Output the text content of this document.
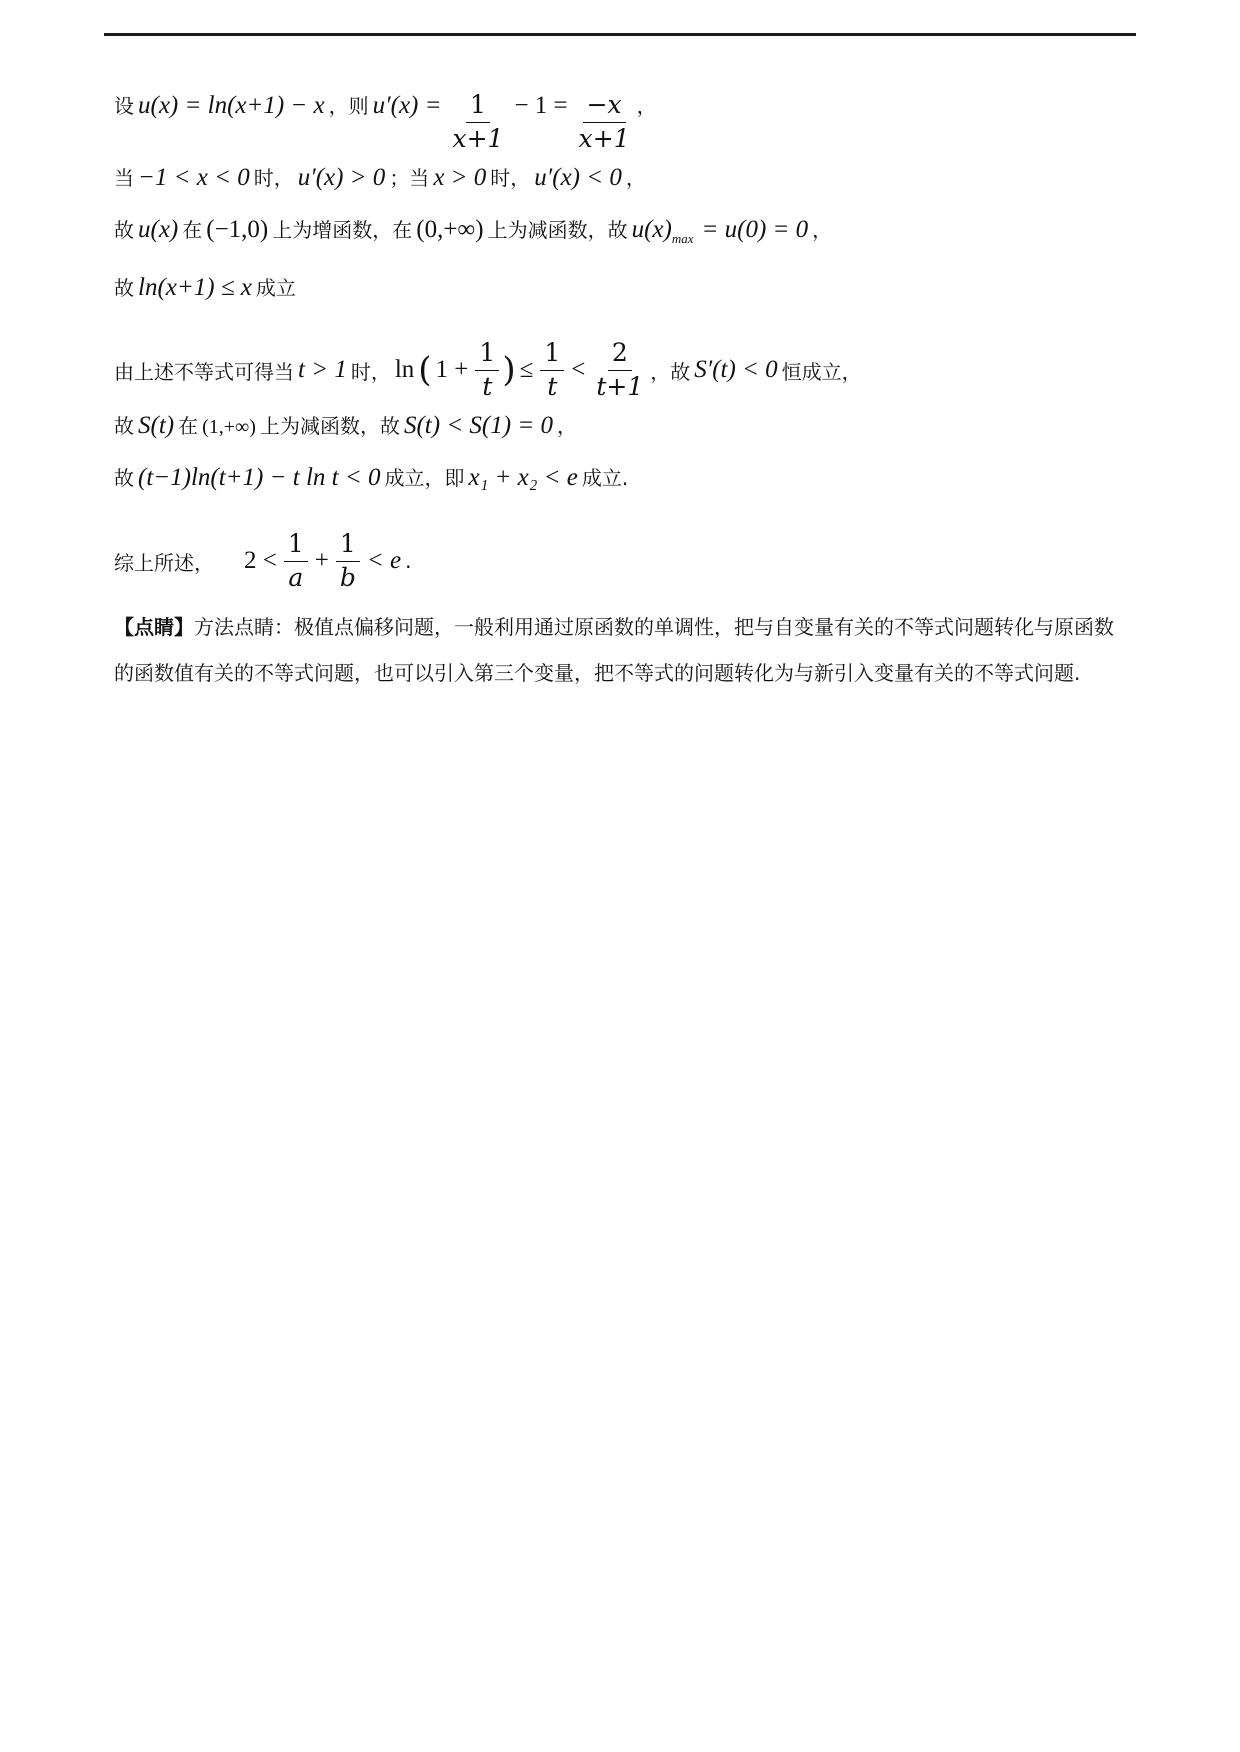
设 u(x) = ln(x+1) − x ，则 $u'(x) = \frac{1}{x+1} - 1 = \frac{-x}{x+1}$ ，
当 −1 < x < 0 时， u′(x) > 0 ；当 x > 0 时， u′(x) < 0 ，
故 u(x) 在 (−1,0) 上为增函数，在 (0,+∞) 上为减函数，故 $u(x)_{max} = u(0) = 0$ ，
故 ln(x+1) ≤ x 成立
由上述不等式可得当 t > 1 时， ln ( $1 + \frac{1}{t}$ ) ≤ $\frac{1}{t} < \frac{2}{t+1}$ ，故 S′(t) < 0 恒成立，
故 S(t) 在 (1,+∞) 上为减函数，故 S(t) < S(1) = 0 ，
故 (t−1)ln(t+1) − t ln t < 0 成立，即 x₁ + x₂ < e 成立.
综上所述， $2 < \frac{1}{a} + \frac{1}{b} < e$ .
【点睛】方法点睛：极值点偏移问题，一般利用通过原函数的单调性，把与自变量有关的不等式问题转化与原函数的函数值有关的不等式问题，也可以引入第三个变量，把不等式的问题转化为与新引入变量有关的不等式问题.
